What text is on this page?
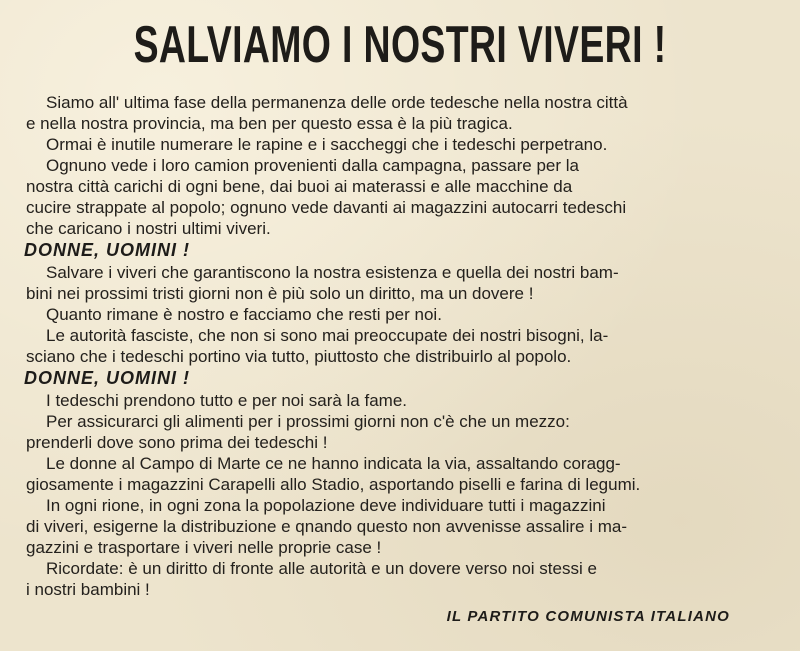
SALVIAMO I NOSTRI VIVERI !
Siamo all' ultima fase della permanenza delle orde tedesche nella nostra città
e nella nostra provincia, ma ben per questo essa è la più tragica.
Ormai è inutile numerare le rapine e i saccheggi che i tedeschi perpetrano.
Ognuno vede i loro camion provenienti dalla campagna, passare per la
nostra città carichi di ogni bene, dai buoi ai materassi e alle macchine da
cucire strappate al popolo; ognuno vede davanti ai magazzini autocarri tedeschi
che caricano i nostri ultimi viveri.
DONNE, UOMINI !
Salvare i viveri che garantiscono la nostra esistenza e quella dei nostri bam-
bini nei prossimi tristi giorni non è più solo un diritto, ma un dovere !
Quanto rimane è nostro e facciamo che resti per noi.
Le autorità fasciste, che non si sono mai preoccupate dei nostri bisogni, la-
sciano che i tedeschi portino via tutto, piuttosto che distribuirlo al popolo.
DONNE, UOMINI !
I tedeschi prendono tutto e per noi sarà la fame.
Per assicurarci gli alimenti per i prossimi giorni non c'è che un mezzo:
prenderli dove sono prima dei tedeschi !
Le donne al Campo di Marte ce ne hanno indicata la via, assaltando coragg-
giosamente i magazzini Carapelli allo Stadio, asportando piselli e farina di legumi.
In ogni rione, in ogni zona la popolazione deve individuare tutti i magazzini
di viveri, esigerne la distribuzione e qnando questo non avvenisse assalire i ma-
gazzini e trasportare i viveri nelle proprie case !
Ricordate: è un diritto di fronte alle autorità e un dovere verso noi stessi e
i nostri bambini !
IL PARTITO COMUNISTA ITALIANO
